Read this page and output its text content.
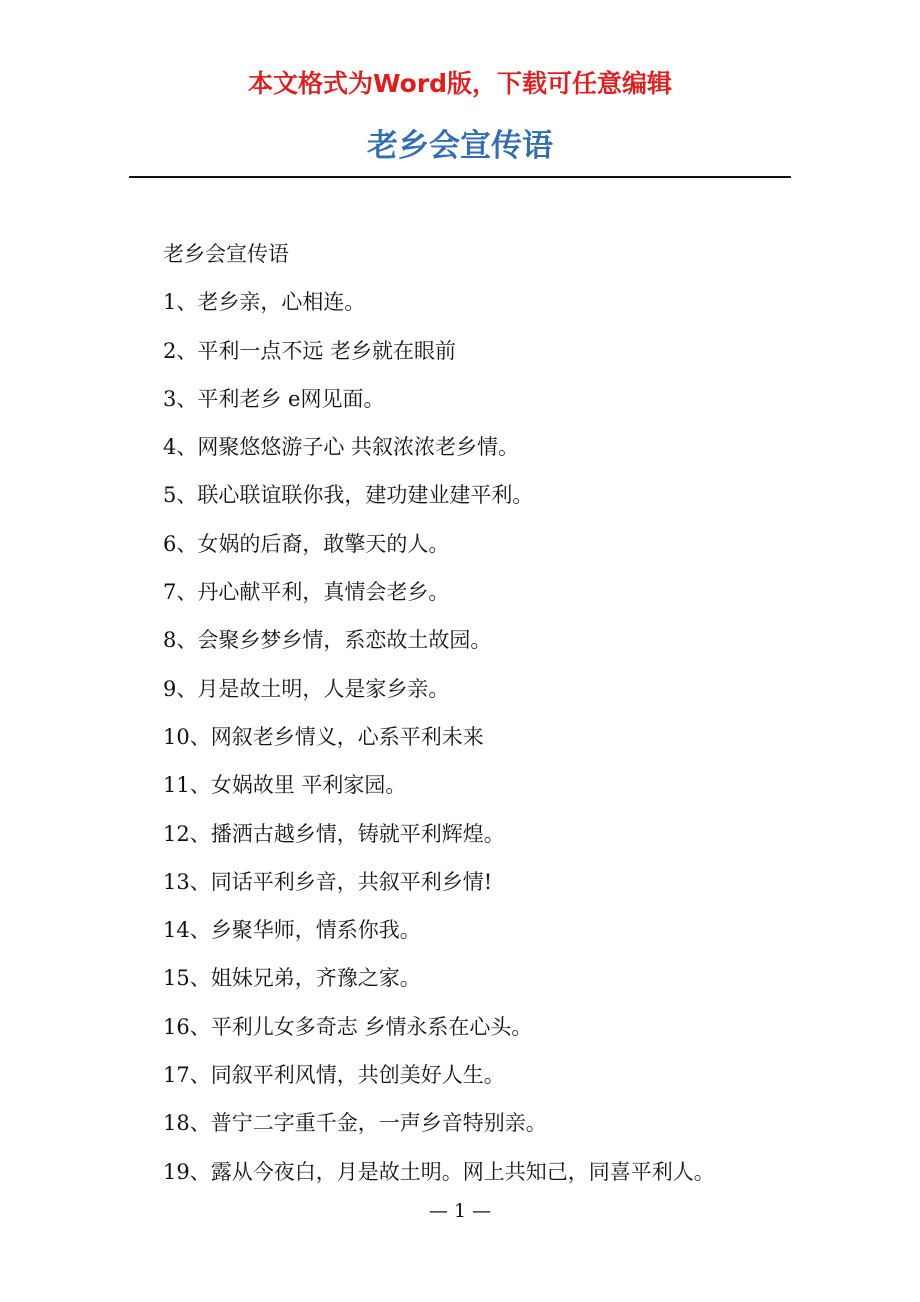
本文格式为Word版，下载可任意编辑
老乡会宣传语

老乡会宣传语

1、老乡亲，心相连。

2、平利一点不远 老乡就在眼前

3、平利老乡 e网见面。

4、网聚悠悠游子心 共叙浓浓老乡情。

5、联心联谊联你我，建功建业建平利。

6、女娲的后裔，敢擎天的人。

7、丹心献平利，真情会老乡。

8、会聚乡梦乡情，系恋故土故园。

9、月是故土明，人是家乡亲。

10、网叙老乡情义，心系平利未来

11、女娲故里 平利家园。

12、播洒古越乡情，铸就平利辉煌。

13、同话平利乡音，共叙平利乡情!

14、乡聚华师，情系你我。

15、姐妹兄弟，齐豫之家。

16、平利儿女多奇志 乡情永系在心头。

17、同叙平利风情，共创美好人生。

18、普宁二字重千金，一声乡音特别亲。

19、露从今夜白，月是故土明。网上共知己，同喜平利人。

— 1 —
